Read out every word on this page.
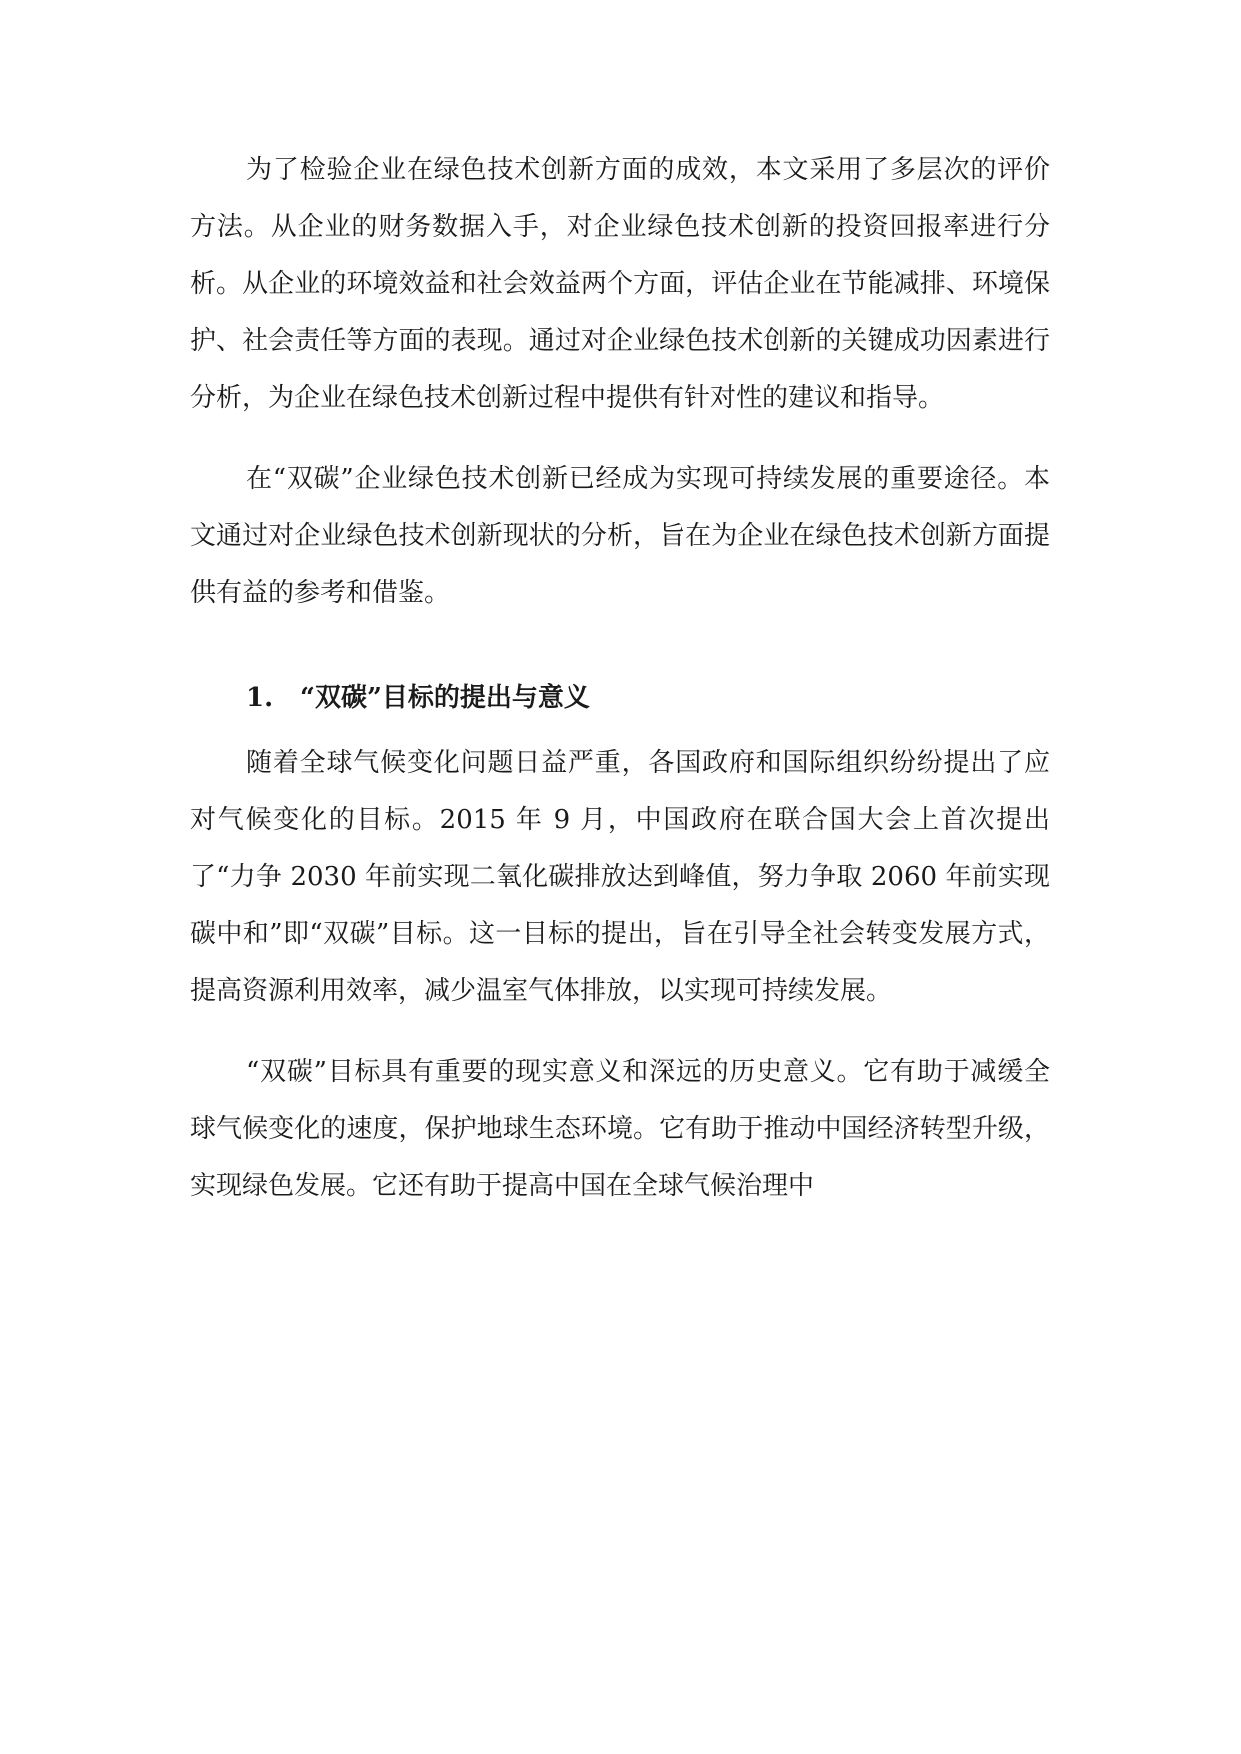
为了检验企业在绿色技术创新方面的成效，本文采用了多层次的评价方法。从企业的财务数据入手，对企业绿色技术创新的投资回报率进行分析。从企业的环境效益和社会效益两个方面，评估企业在节能减排、环境保护、社会责任等方面的表现。通过对企业绿色技术创新的关键成功因素进行分析，为企业在绿色技术创新过程中提供有针对性的建议和指导。

在“双碳”企业绿色技术创新已经成为实现可持续发展的重要途径。本文通过对企业绿色技术创新现状的分析，旨在为企业在绿色技术创新方面提供有益的参考和借鉴。

1. “双碳”目标的提出与意义

随着全球气候变化问题日益严重，各国政府和国际组织纷纷提出了应对气候变化的目标。2015 年 9 月，中国政府在联合国大会上首次提出了“力争 2030 年前实现二氧化碳排放达到峰值，努力争取 2060 年前实现碳中和”即“双碳”目标。这一目标的提出，旨在引导全社会转变发展方式，提高资源利用效率，减少温室气体排放，以实现可持续发展。

“双碳”目标具有重要的现实意义和深远的历史意义。它有助于减缓全球气候变化的速度，保护地球生态环境。它有助于推动中国经济转型升级，实现绿色发展。它还有助于提高中国在全球气候治理中
